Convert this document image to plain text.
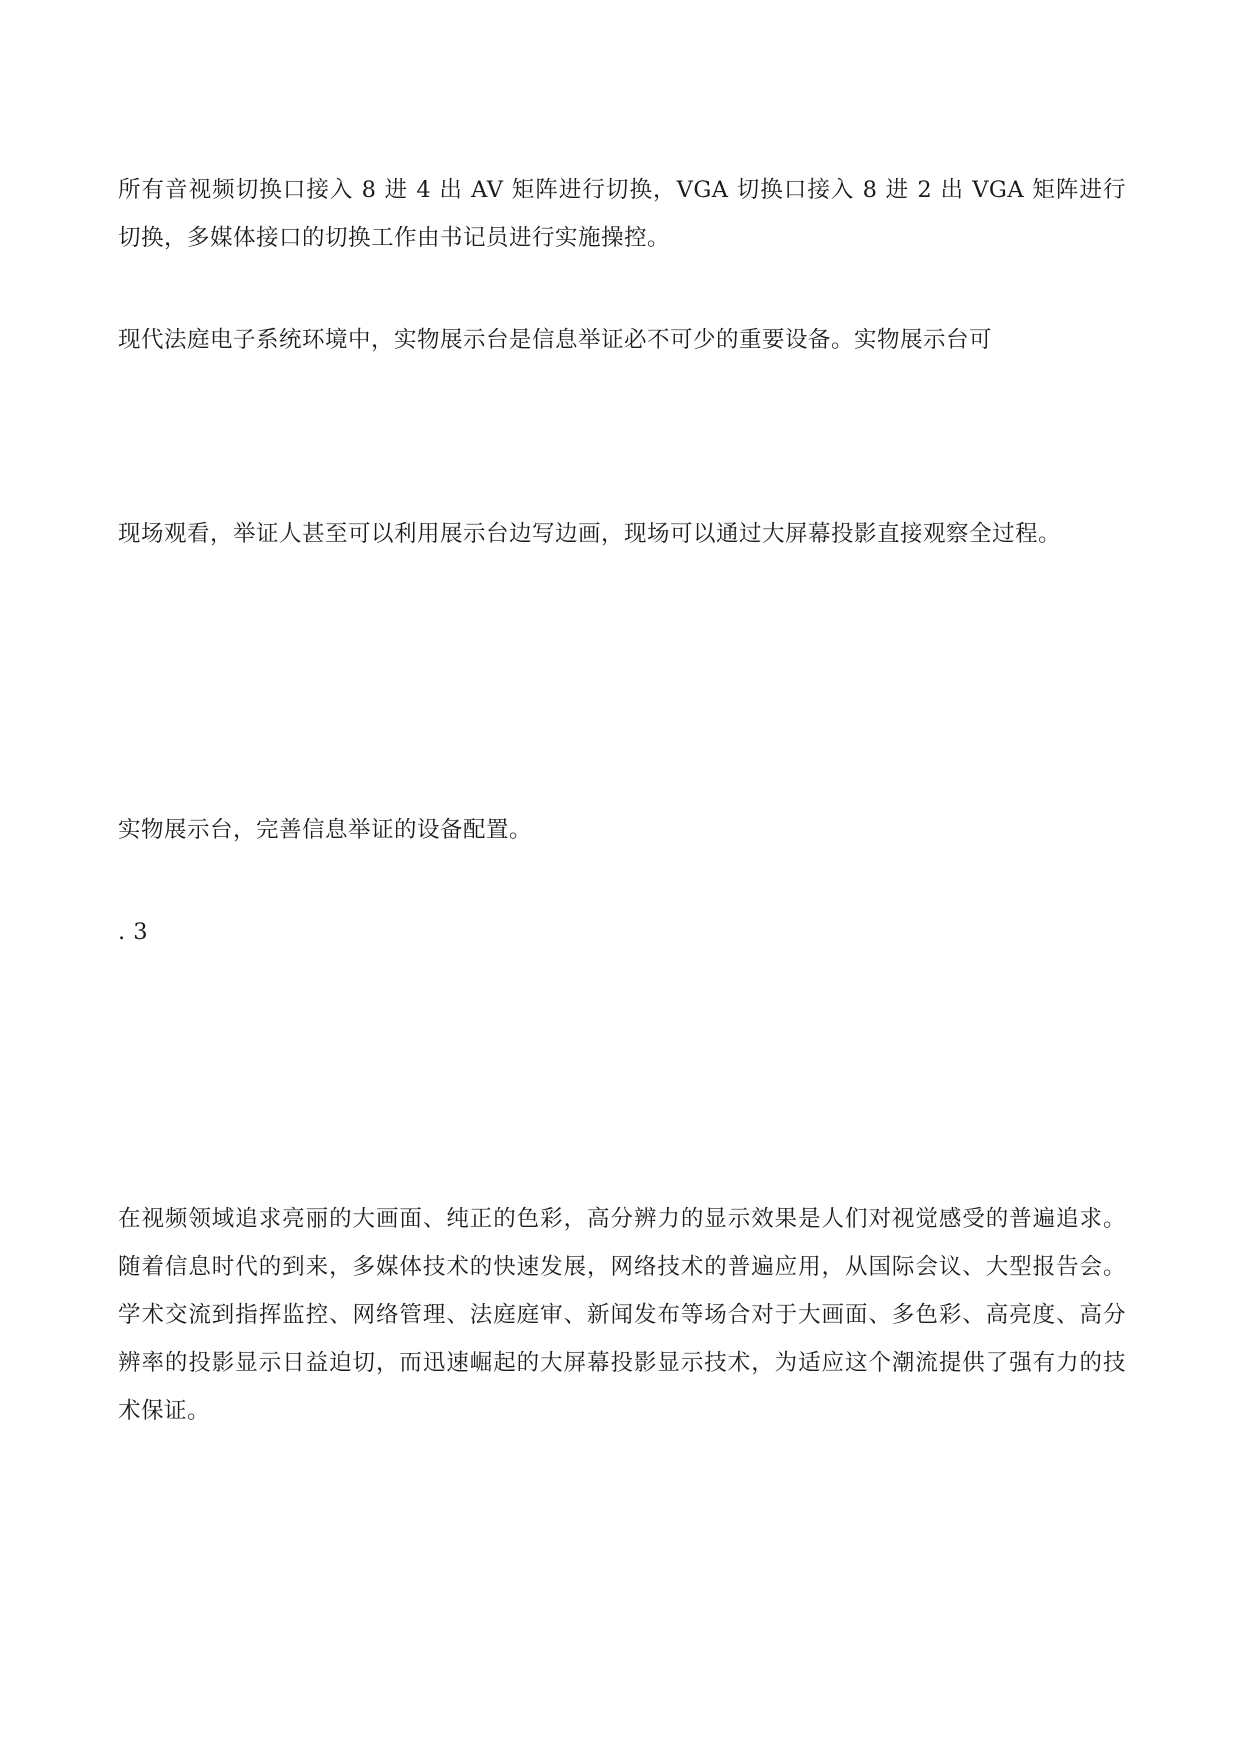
所有音视频切换口接入 8 进 4 出 AV 矩阵进行切换，VGA 切换口接入 8 进 2 出 VGA 矩阵进行切换，多媒体接口的切换工作由书记员进行实施操控。

现代法庭电子系统环境中，实物展示台是信息举证必不可少的重要设备。实物展示台可

现场观看，举证人甚至可以利用展示台边写边画，现场可以通过大屏幕投影直接观察全过程。

实物展示台，完善信息举证的设备配置。

. 3

在视频领域追求亮丽的大画面、纯正的色彩，高分辨力的显示效果是人们对视觉感受的普遍追求。随着信息时代的到来，多媒体技术的快速发展，网络技术的普遍应用，从国际会议、大型报告会。学术交流到指挥监控、网络管理、法庭庭审、新闻发布等场合对于大画面、多色彩、高亮度、高分辨率的投影显示日益迫切，而迅速崛起的大屏幕投影显示技术，为适应这个潮流提供了强有力的技术保证。
